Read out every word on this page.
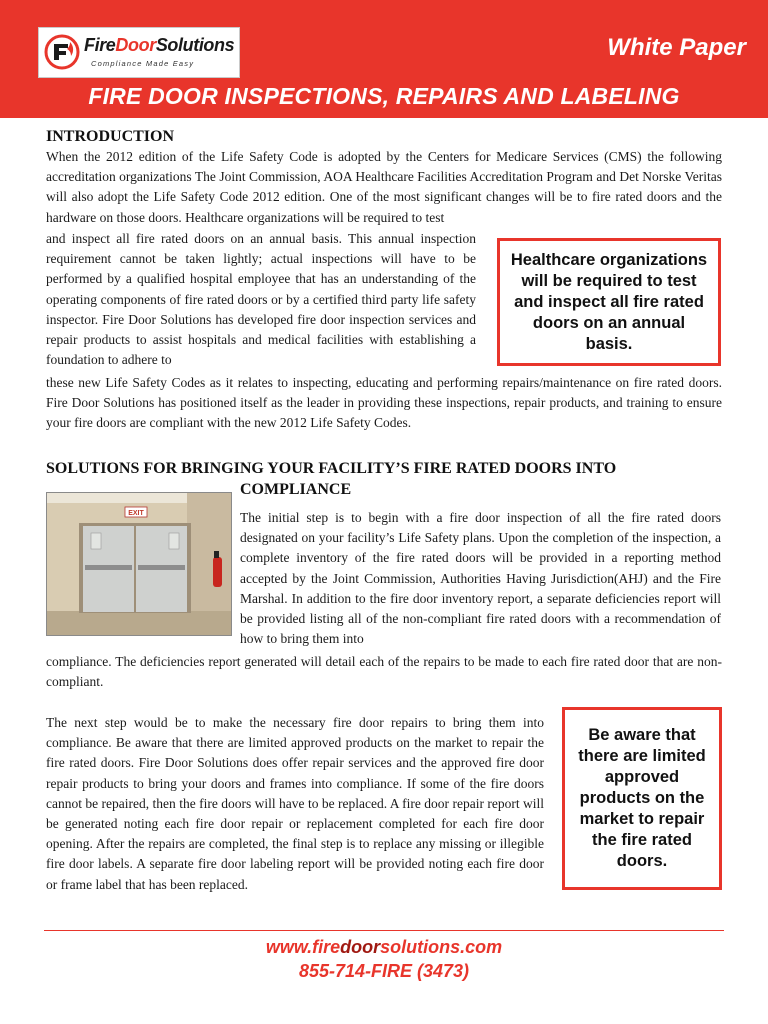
FireDoorSolutions
Compliance Made Easy
White Paper
FIRE DOOR INSPECTIONS, REPAIRS AND LABELING
INTRODUCTION

When the 2012 edition of the Life Safety Code is adopted by the Centers for Medicare Services (CMS) the following accreditation organizations The Joint Commission, AOA Healthcare Facilities Accreditation Program and Det Norske Veritas will also adopt the Life Safety Code 2012 edition. One of the most significant changes will be to fire rated doors and the hardware on those doors. Healthcare organizations will be required to test

and inspect all fire rated doors on an annual basis. This annual inspection requirement cannot be taken lightly; actual inspections will have to be performed by a qualified hospital employee that has an understanding of the operating components of fire rated doors or by a certified third party life safety inspector. Fire Door Solutions has developed fire door inspection services and repair products to assist hospitals and medical facilities with establishing a foundation to adhere to

Healthcare organizations will be required to test and inspect all fire rated doors on an annual basis.

these new Life Safety Codes as it relates to inspecting, educating and performing repairs/maintenance on fire rated doors. Fire Door Solutions has positioned itself as the leader in providing these inspections, repair products, and training to ensure your fire doors are compliant with the new 2012 Life Safety Codes.

SOLUTIONS FOR BRINGING YOUR FACILITY’S FIRE RATED DOORS INTO
COMPLIANCE
EXIT	The initial step is to begin with a fire door inspection of all the fire rated doors designated on your facility’s Life Safety plans. Upon the completion of the inspection, a complete inventory of the fire rated doors will be provided in a reporting method accepted by the Joint Commission, Authorities Having Jurisdiction(AHJ) and the Fire Marshal. In addition to the fire door inventory report, a separate deficiencies report will be provided listing all of the non-compliant fire rated doors with a recommendation of how to bring them into

compliance. The deficiencies report generated will detail each of the repairs to be made to each fire rated door that are non-compliant.

The next step would be to make the necessary fire door repairs to bring them into compliance. Be aware that there are limited approved products on the market to repair the fire rated doors. Fire Door Solutions does offer repair services and the approved fire door repair products to bring your doors and frames into compliance. If some of the fire doors cannot be repaired, then the fire doors will have to be replaced. A fire door repair report will be generated noting each fire door repair or replacement completed for each fire door opening. After the repairs are completed, the final step is to replace any missing or illegible fire door labels. A separate fire door labeling report will be provided noting each fire door or frame label that has been replaced.

Be aware that there are limited approved products on the market to repair the fire rated doors.
www.firedoorsolutions.com
855-714-FIRE (3473)
